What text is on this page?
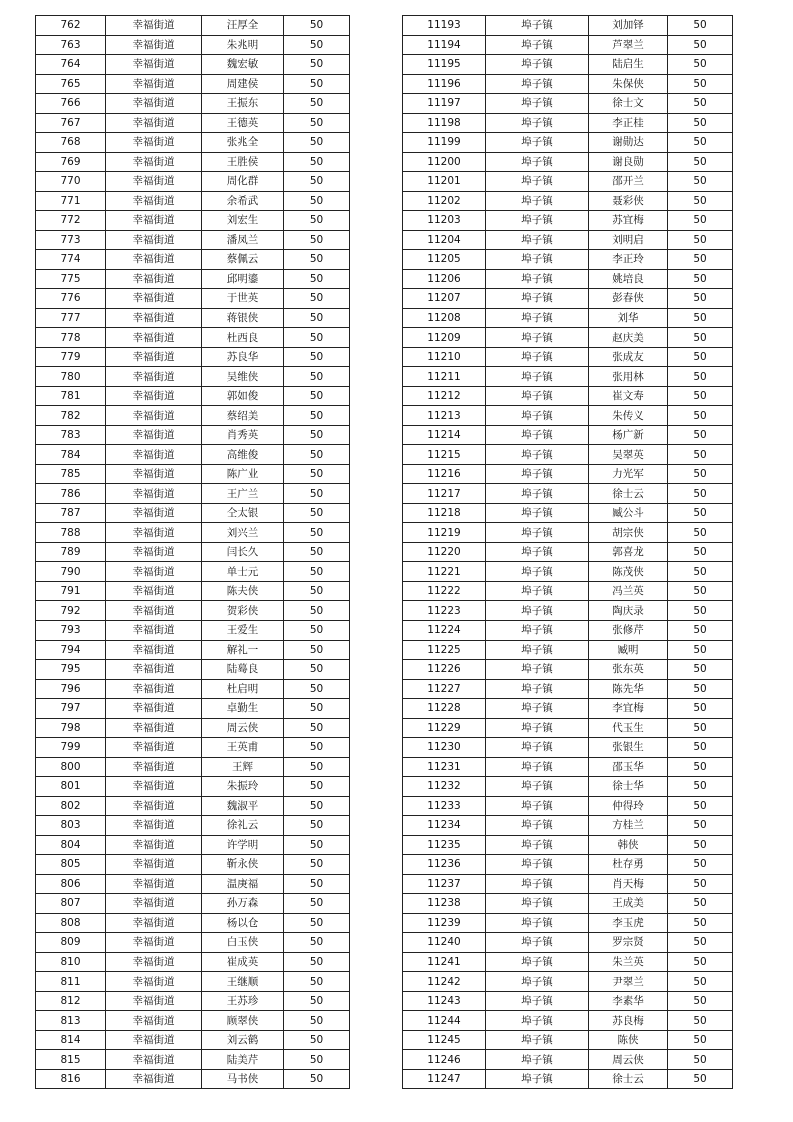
762	幸福街道	汪厚全	50
763	幸福街道	朱兆明	50
764	幸福街道	魏宏敏	50
765	幸福街道	周建侯	50
766	幸福街道	王振东	50
767	幸福街道	王德英	50
768	幸福街道	张兆全	50
769	幸福街道	王胜侯	50
770	幸福街道	周化群	50
771	幸福街道	余希武	50
772	幸福街道	刘宏生	50
773	幸福街道	潘凤兰	50
774	幸福街道	蔡佩云	50
775	幸福街道	邱明鎏	50
776	幸福街道	于世英	50
777	幸福街道	蒋银侠	50
778	幸福街道	杜西良	50
779	幸福街道	苏良华	50
780	幸福街道	吴维侠	50
781	幸福街道	郭如俊	50
782	幸福街道	蔡绍美	50
783	幸福街道	肖秀英	50
784	幸福街道	高维俊	50
785	幸福街道	陈广业	50
786	幸福街道	王广兰	50
787	幸福街道	仝太银	50
788	幸福街道	刘兴兰	50
789	幸福街道	闫长久	50
790	幸福街道	单士元	50
791	幸福街道	陈夫侠	50
792	幸福街道	贺彩侠	50
793	幸福街道	王爱生	50
794	幸福街道	解礼一	50
795	幸福街道	陆蓦良	50
796	幸福街道	杜启明	50
797	幸福街道	卓勤生	50
798	幸福街道	周云侠	50
799	幸福街道	王英甫	50
800	幸福街道	王辉	50
801	幸福街道	朱振玲	50
802	幸福街道	魏淑平	50
803	幸福街道	徐礼云	50
804	幸福街道	许学明	50
805	幸福街道	靳永侠	50
806	幸福街道	温庚福	50
807	幸福街道	孙万森	50
808	幸福街道	杨以仓	50
809	幸福街道	白玉侠	50
810	幸福街道	崔成英	50
811	幸福街道	王继顺	50
812	幸福街道	王苏珍	50
813	幸福街道	顾翠侠	50
814	幸福街道	刘云鹤	50
815	幸福街道	陆美芹	50
816	幸福街道	马书侠	50
11193	埠子镇	刘加铎	50
11194	埠子镇	芦翠兰	50
11195	埠子镇	陆启生	50
11196	埠子镇	朱保侠	50
11197	埠子镇	徐士文	50
11198	埠子镇	李正桂	50
11199	埠子镇	谢勋达	50
11200	埠子镇	谢良勋	50
11201	埠子镇	邵开兰	50
11202	埠子镇	聂彩侠	50
11203	埠子镇	苏宜梅	50
11204	埠子镇	刘明启	50
11205	埠子镇	李正玲	50
11206	埠子镇	姚培良	50
11207	埠子镇	彭春侠	50
11208	埠子镇	刘华	50
11209	埠子镇	赵庆美	50
11210	埠子镇	张成友	50
11211	埠子镇	张用林	50
11212	埠子镇	崔文寿	50
11213	埠子镇	朱传义	50
11214	埠子镇	杨广新	50
11215	埠子镇	吴翠英	50
11216	埠子镇	力光军	50
11217	埠子镇	徐士云	50
11218	埠子镇	臧公斗	50
11219	埠子镇	胡宗侠	50
11220	埠子镇	郭喜龙	50
11221	埠子镇	陈茂侠	50
11222	埠子镇	冯兰英	50
11223	埠子镇	陶庆录	50
11224	埠子镇	张修芹	50
11225	埠子镇	臧明	50
11226	埠子镇	张东英	50
11227	埠子镇	陈先华	50
11228	埠子镇	李宜梅	50
11229	埠子镇	代玉生	50
11230	埠子镇	张银生	50
11231	埠子镇	邵玉华	50
11232	埠子镇	徐士华	50
11233	埠子镇	仲得玲	50
11234	埠子镇	方桂兰	50
11235	埠子镇	韩侠	50
11236	埠子镇	杜存勇	50
11237	埠子镇	肖天梅	50
11238	埠子镇	王成美	50
11239	埠子镇	李玉虎	50
11240	埠子镇	罗宗贤	50
11241	埠子镇	朱兰英	50
11242	埠子镇	尹翠兰	50
11243	埠子镇	李素华	50
11244	埠子镇	苏良梅	50
11245	埠子镇	陈侠	50
11246	埠子镇	周云侠	50
11247	埠子镇	徐士云	50
